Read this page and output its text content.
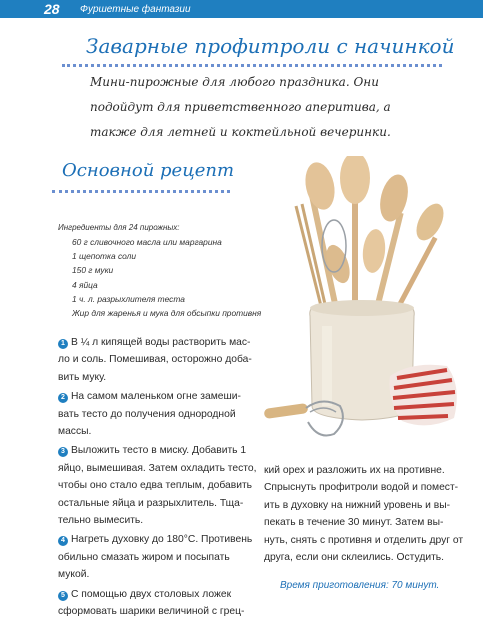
28 Фуршетные фантазии
Заварные профитроли с начинкой
Мини-пирожные для любого праздника. Они
подойдут для приветственного аперитива, а
также для летней и коктейльной вечеринки.
Основной рецепт
Ингредиенты для 24 пирожных:
60 г сливочного масла или маргарина
1 щепотка соли
150 г муки
4 яйца
1 ч. л. разрыхлителя теста
Жир для жаренья и мука для обсыпки противня
1 В ¼ л кипящей воды растворить мас-
ло и соль. Помешивая, осторожно доба-
вить муку.
2 На самом маленьком огне замеши-
вать тесто до получения однородной
массы.
3 Выложить тесто в миску. Добавить 1
яйцо, вымешивая. Затем охладить тесто,
чтобы оно стало едва теплым, добавить
остальные яйца и разрыхлитель. Тща-
тельно вымесить.
4 Нагреть духовку до 180°С. Противень
обильно смазать жиром и посыпать
мукой.
5 С помощью двух столовых ложек
сформовать шарики величиной с грец-
кий орех и разложить их на противне.
Спрыснуть профитроли водой и помест-
ить в духовку на нижний уровень и вы-
пекать в течение 30 минут. Затем вы-
нуть, снять с противня и отделить друг от
друга, если они склеились. Остудить.
Время приготовления: 70 минут.
